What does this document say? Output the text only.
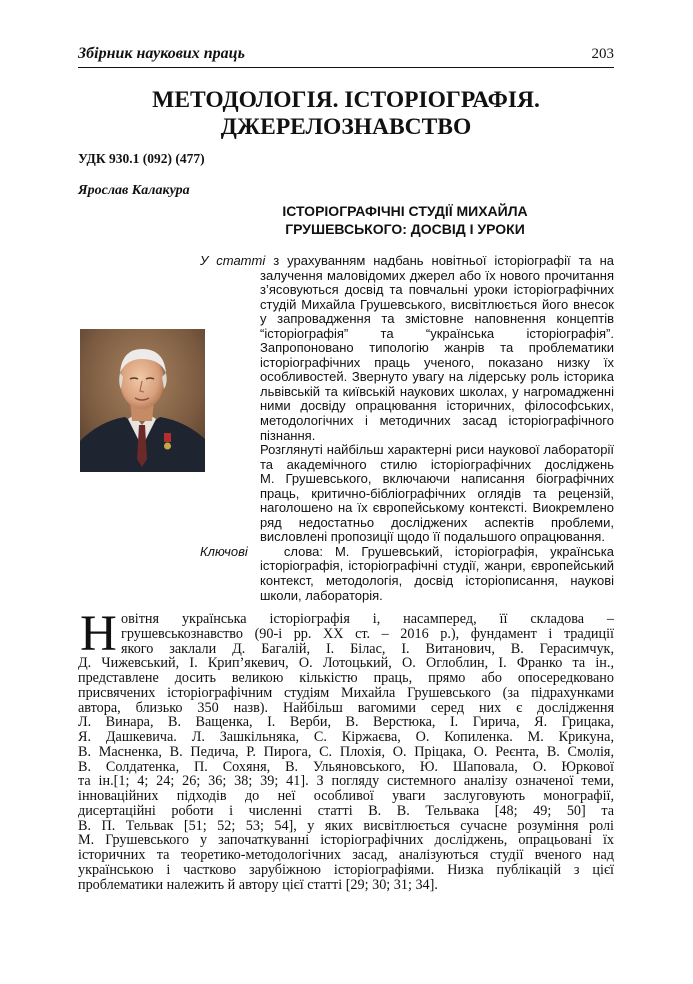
Збірник наукових праць	203
МЕТОДОЛОГІЯ. ІСТОРІОГРАФІЯ.
ДЖЕРЕЛОЗНАВСТВО
УДК 930.1 (092) (477)
Ярослав Калакура
ІСТОРІОГРАФІЧНІ СТУДІЇ МИХАЙЛА
ГРУШЕВСЬКОГО: ДОСВІД І УРОКИ
У статті з урахуванням надбань новітньої історіографії та на
залучення маловідомих джерел або їх нового прочитання
з’ясовуються досвід та повчальні уроки історіографічних
студій Михайла Грушевського, висвітлюється його внесок
у запровадження та змістовне наповнення концептів
“історіографія” та “українська історіографія”.
Запропоновано типологію жанрів та проблематики
історіографічних праць ученого, показано низку їх
особливостей. Звернуто увагу на лідерську роль історика
львівській та київській наукових школах, у нагромадженні
ними досвіду опрацювання історичних, філософських,
методологічних і методичних засад історіографічного
пізнання.
Розглянуті найбільш характерні риси наукової лабораторії
та академічного стилю історіографічних досліджень
М. Грушевського, включаючи написання біографічних
праць, критично-бібліографічних оглядів та рецензій,
наголошено на їх європейському контексті. Виокремлено
ряд недостатньо досліджених аспектів проблеми,
висловлені пропозиції щодо її подальшого опрацювання.
Ключові	слова: М. Грушевський, історіографія, українська
історіографія, історіографічні студії, жанри, європейський
контекст, методологія, досвід історіописання, наукові
школи, лабораторія.
Н овітня українська історіографія і, насамперед, її складова –
грушевськознавство (90-і рр. ХХ ст. – 2016 р.), фундамент і традиції
якого заклали Д. Багалій, І. Білас, І. Витанович, В. Герасимчук,
Д. Чижевський, І. Крип’якевич, О. Лотоцький, О. Оглоблин, І. Франко та ін.,
представлене досить великою кількістю праць, прямо або опосередковано
присвячених історіографічним студіям Михайла Грушевського (за підрахунками
автора, близько 350 назв). Найбільш вагомими серед них є дослідження
Л. Винара, В. Ващенка, І. Верби, В. Верстюка, І. Гирича, Я. Грицака,
Я. Дашкевича. Л. Зашкільняка, С. Кіржаєва, О. Копиленка. М. Крикуна,
В. Масненка, В. Педича, Р. Пирога, С. Плохія, О. Пріцака, О. Реєнта, В. Смолія,
В. Солдатенка, П. Сохяня, В. Ульяновського, Ю. Шаповала, О. Юркової
та ін.[1; 4; 24; 26; 36; 38; 39; 41]. З погляду системного аналізу означеної теми,
інноваційних підходів до неї особливої уваги заслуговують монографії,
дисертаційні роботи і численні статті В. В. Тельвака [48; 49; 50] та
В. П. Тельвак [51; 52; 53; 54], у яких висвітлюється сучасне розуміння ролі
М. Грушевського у започаткуванні історіографічних досліджень, опрацьовані їх
історичних та теоретико-методологічних засад, аналізуються студії вченого над
українською і частково зарубіжною історіографіями. Низка публікацій з цієї
проблематики належить й автору цієї статті [29; 30; 31; 34].
